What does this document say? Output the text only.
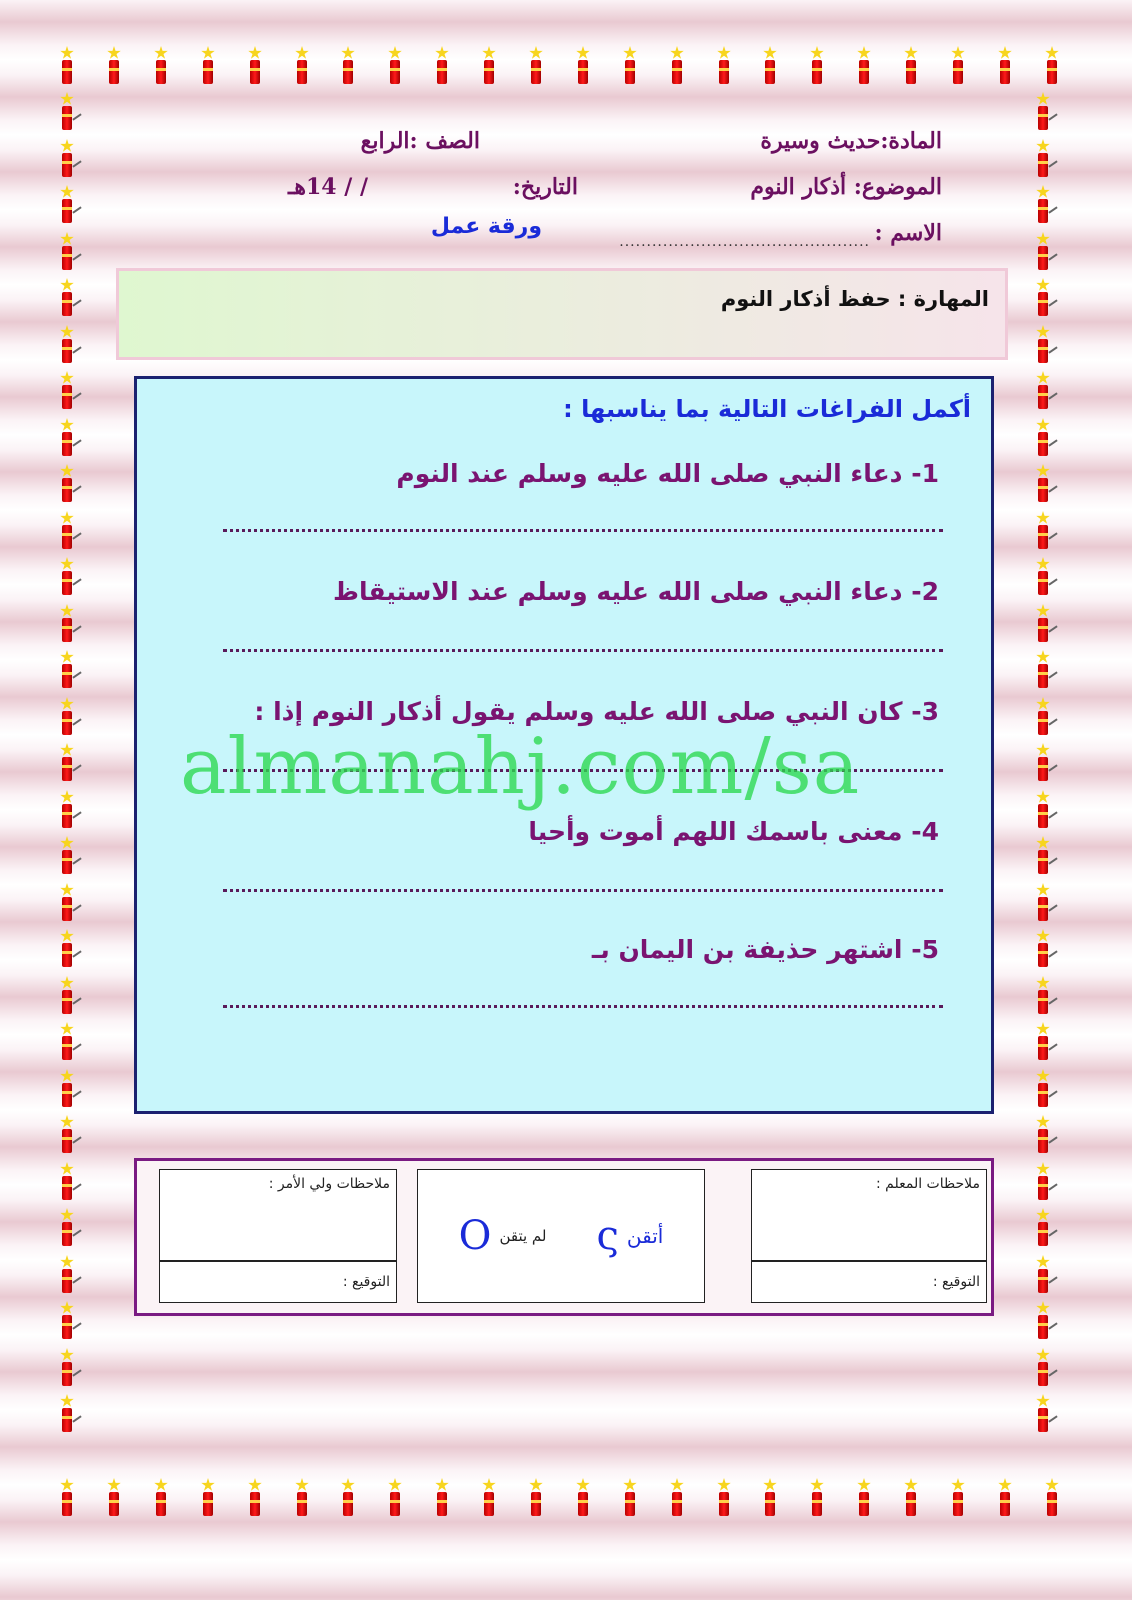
المادة:حديث وسيرة
الصف :الرابع
الموضوع: أذكار النوم
التاريخ:
/ / 14هـ
الاسم :
..............................................
ورقة عمل
المهارة : حفظ أذكار النوم
أكمل الفراغات التالية بما يناسبها :
1- دعاء النبي صلى الله عليه وسلم عند النوم
2- دعاء النبي صلى الله عليه وسلم عند الاستيقاظ
3- كان النبي صلى الله عليه وسلم يقول أذكار النوم إذا :
4- معنى باسمك اللهم أموت وأحيا
5- اشتهر حذيفة بن اليمان بـ
almanahj.com/sa
ملاحظات المعلم :
التوقيع :
أتقن
ς
لم يتقن
O
ملاحظات ولي الأمر :
التوقيع :
